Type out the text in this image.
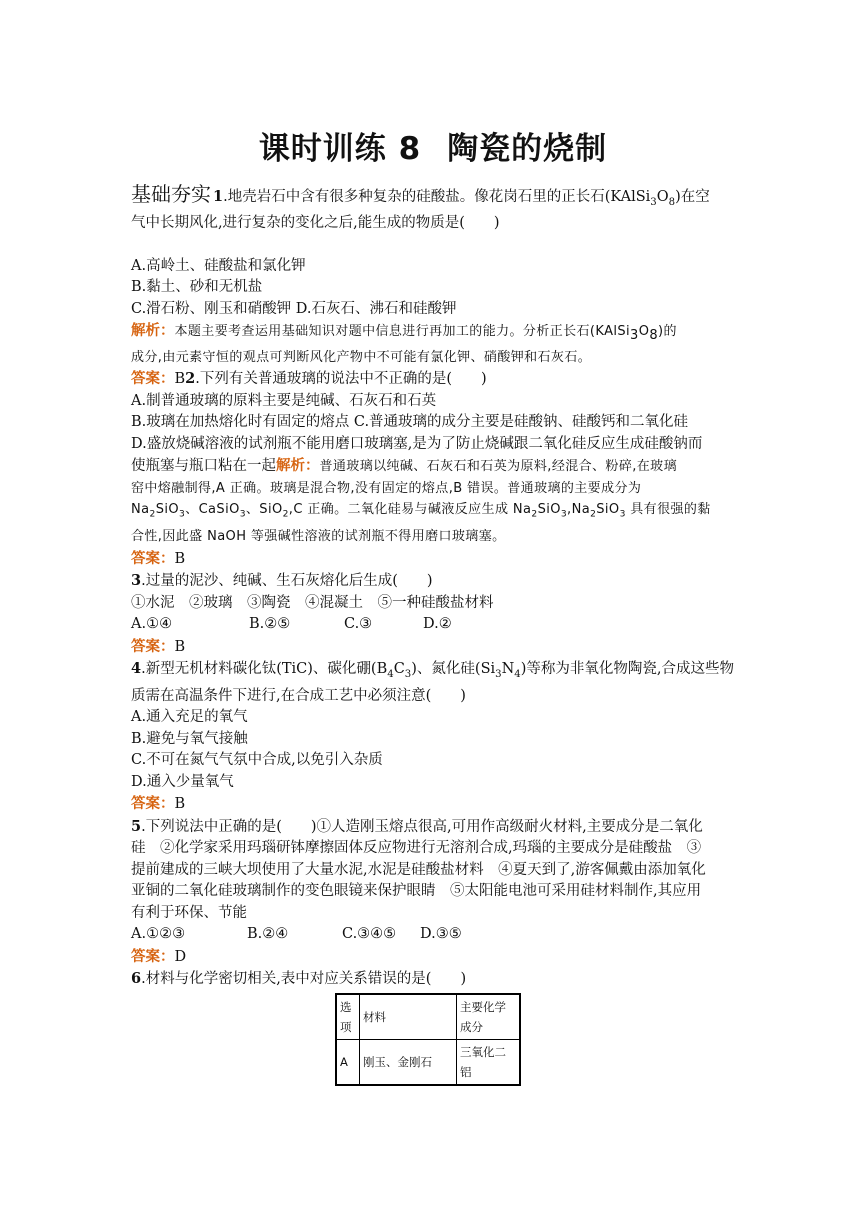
课时训练 8 陶瓷的烧制

基础夯实 1.地壳岩石中含有很多种复杂的硅酸盐。像花岗石里的正长石$(KAlSi_3O_8)$在空

气中长期风化,进行复杂的变化之后,能生成的物质是(　　)

A.高岭土、硅酸盐和氯化钾

B.黏土、砂和无机盐

C.滑石粉、刚玉和硝酸钾 D.石灰石、沸石和硅酸钾

解析：本题主要考查运用基础知识对题中信息进行再加工的能力。分析正长石$(KAlSi_3O_8)$的

成分,由元素守恒的观点可判断风化产物中不可能有氯化钾、硝酸钾和石灰石。

答案：B2.下列有关普通玻璃的说法中不正确的是(　　)

A.制普通玻璃的原料主要是纯碱、石灰石和石英

B.玻璃在加热熔化时有固定的熔点 C.普通玻璃的成分主要是硅酸钠、硅酸钙和二氧化硅

D.盛放烧碱溶液的试剂瓶不能用磨口玻璃塞,是为了防止烧碱跟二氧化硅反应生成硅酸钠而

使瓶塞与瓶口粘在一起解析：普通玻璃以纯碱、石灰石和石英为原料,经混合、粉碎,在玻璃

窑中熔融制得,A 正确。玻璃是混合物,没有固定的熔点,B 错误。普通玻璃的主要成分为

$Na_2SiO_3$、CaSiO$_3$、SiO$_2$,C 正确。二氧化硅易与碱液反应生成 $Na_2SiO_3,Na_2SiO_3$ 具有很强的黏

合性,因此盛 NaOH 等强碱性溶液的试剂瓶不得用磨口玻璃塞。

答案：B

3.过量的泥沙、纯碱、生石灰熔化后生成(　　)

①水泥　②玻璃　③陶瓷　④混凝土　⑤一种硅酸盐材料

A.①④	B.②⑤	C.③	D.②

答案：B

4.新型无机材料碳化钛(TiC)、碳化硼$(B_4C_3)$、氮化硅$(Si_3N_4)$等称为非氧化物陶瓷,合成这些物

质需在高温条件下进行,在合成工艺中必须注意(　　)

A.通入充足的氧气

B.避免与氧气接触

C.不可在氮气气氛中合成,以免引入杂质

D.通入少量氧气

答案：B

5.下列说法中正确的是(　　)①人造刚玉熔点很高,可用作高级耐火材料,主要成分是二氧化

硅　②化学家采用玛瑙研钵摩擦固体反应物进行无溶剂合成,玛瑙的主要成分是硅酸盐　③

提前建成的三峡大坝使用了大量水泥,水泥是硅酸盐材料　④夏天到了,游客佩戴由添加氧化

亚铜的二氧化硅玻璃制作的变色眼镜来保护眼睛　⑤太阳能电池可采用硅材料制作,其应用

有利于环保、节能

A.①②③	B.②④	C.③④⑤	D.③⑤

答案：D

6.材料与化学密切相关,表中对应关系错误的是(　　)

选项	材料	主要化学成分
A	刚玉、金刚石	三氧化二铝
